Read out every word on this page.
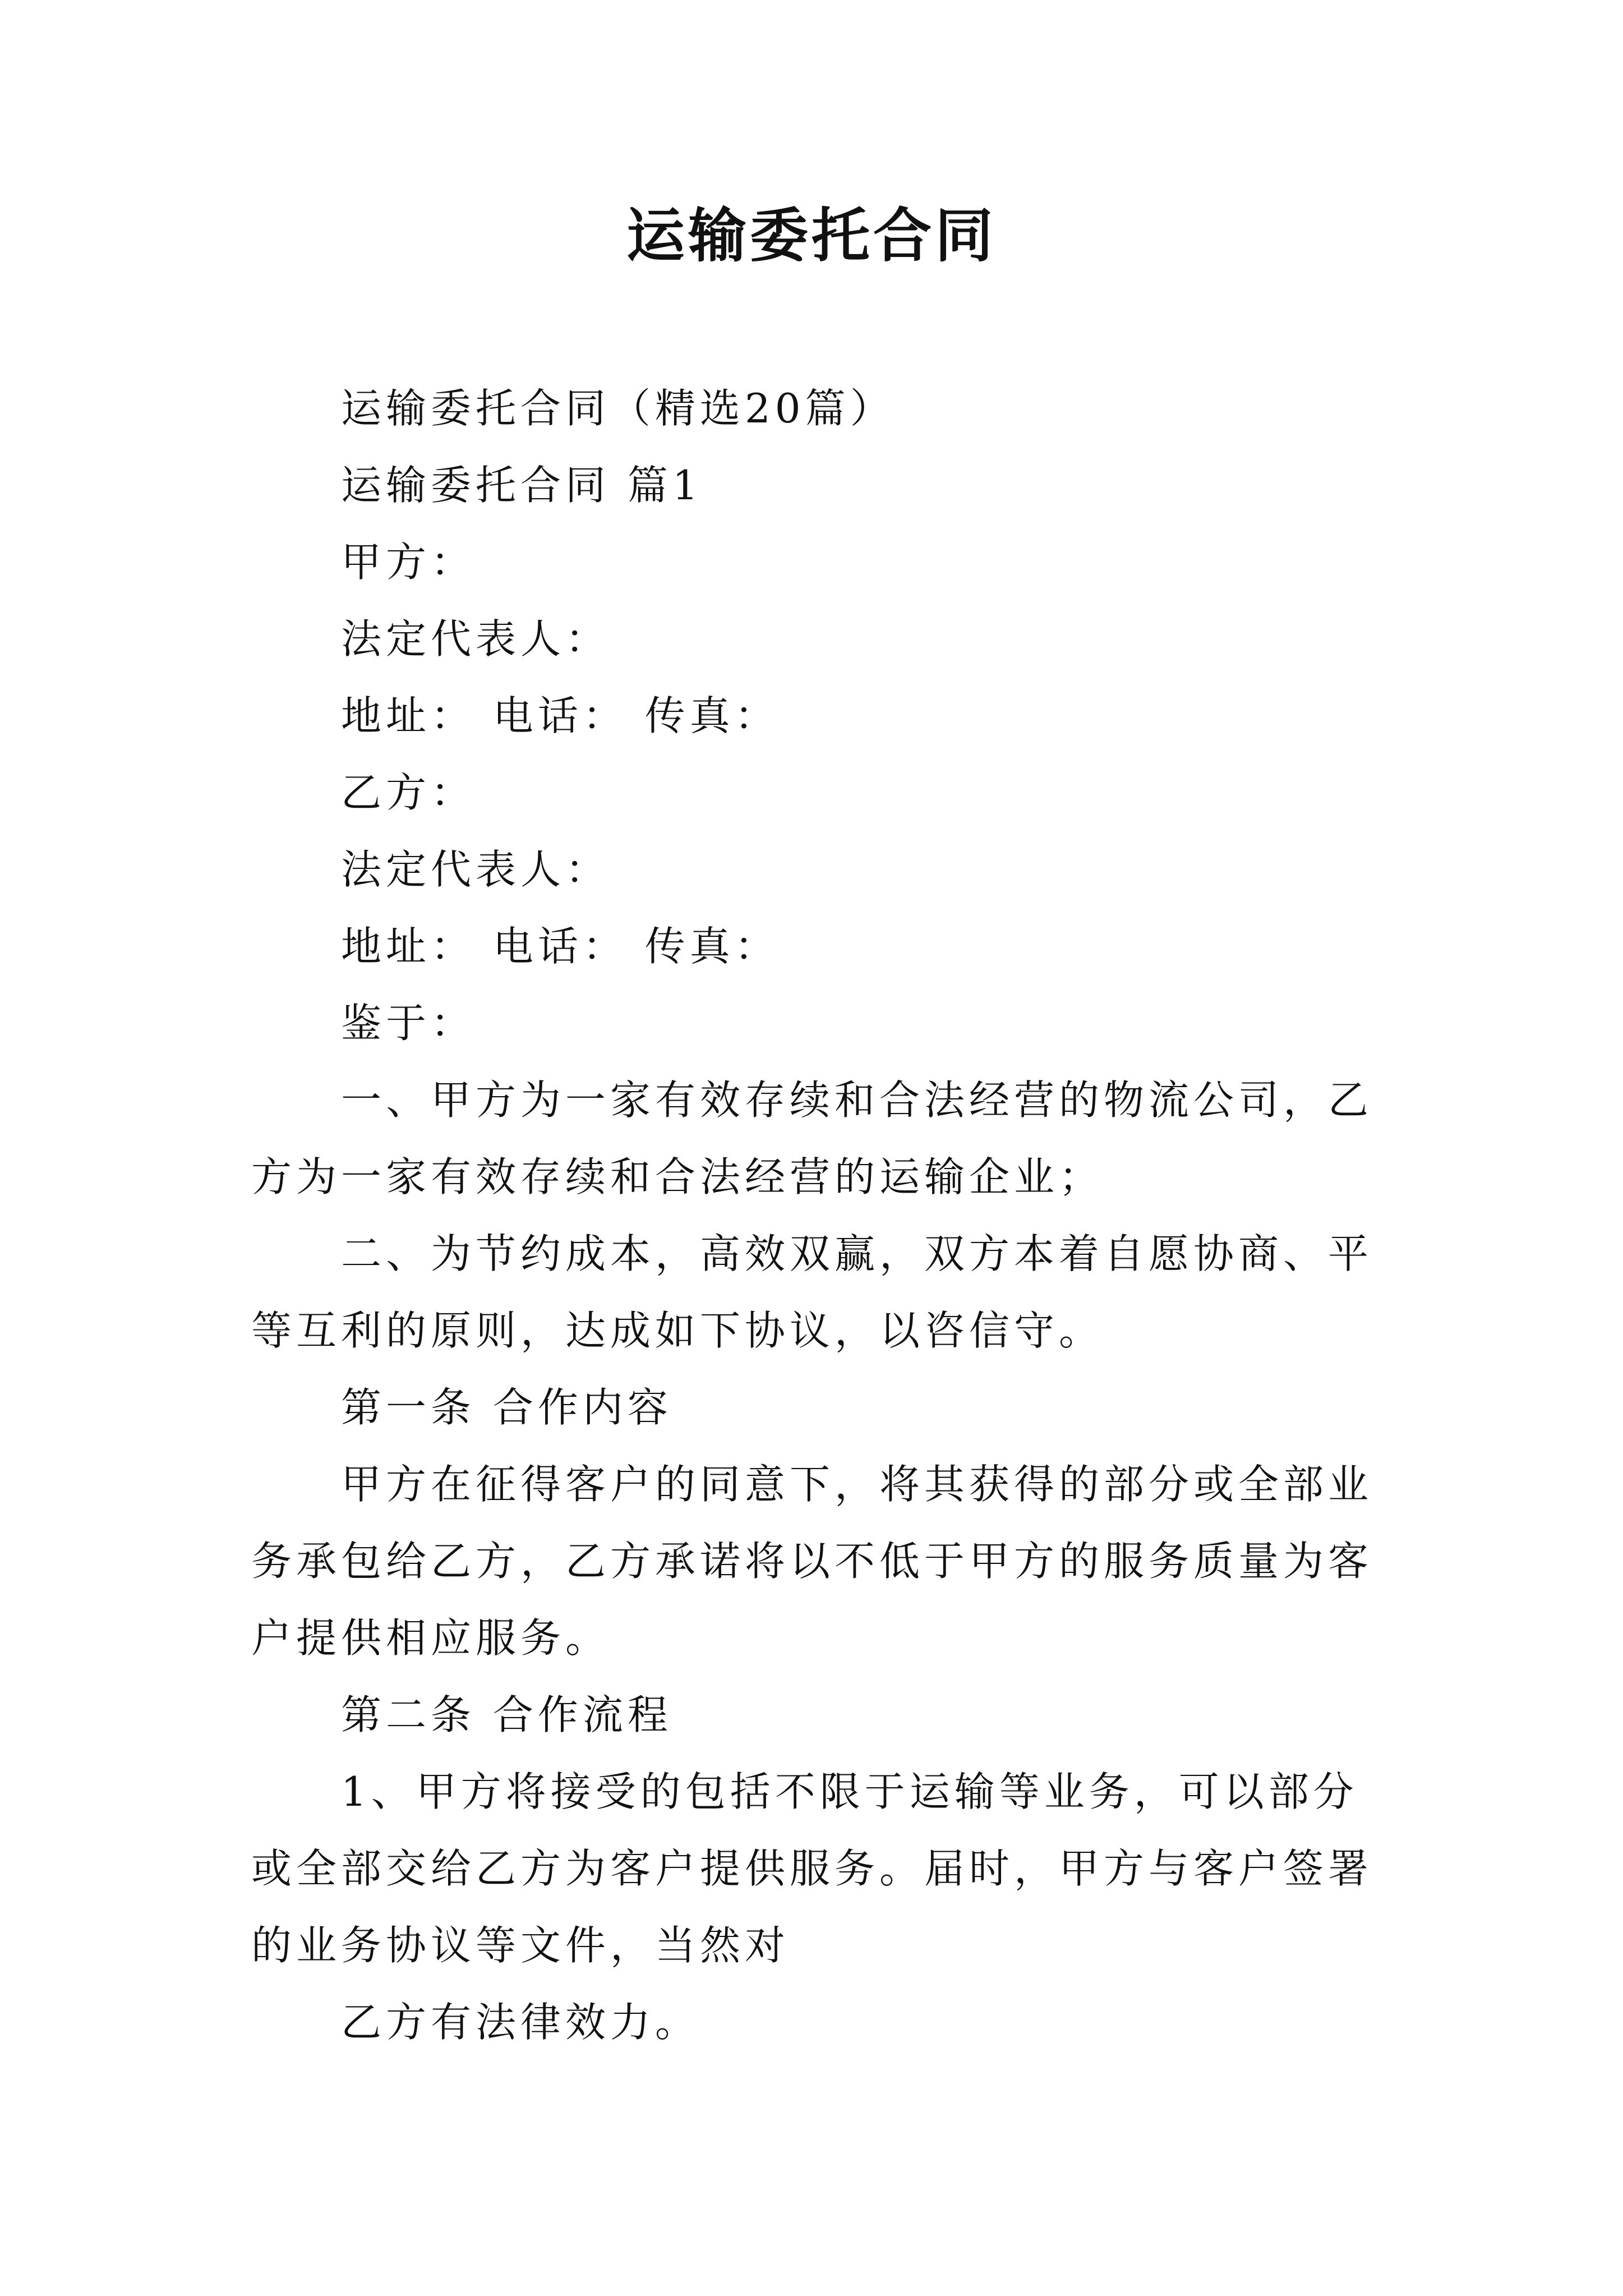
运输委托合同

运输委托合同（精选20篇）

运输委托合同 篇1

甲方：

法定代表人：

地址： 电话： 传真：

乙方：

法定代表人：

地址： 电话： 传真：

鉴于：

一、甲方为一家有效存续和合法经营的物流公司，乙方为一家有效存续和合法经营的运输企业；

二、为节约成本，高效双赢，双方本着自愿协商、平等互利的原则，达成如下协议，以咨信守。

第一条 合作内容

甲方在征得客户的同意下，将其获得的部分或全部业务承包给乙方，乙方承诺将以不低于甲方的服务质量为客户提供相应服务。

第二条 合作流程

1、甲方将接受的包括不限于运输等业务，可以部分或全部交给乙方为客户提供服务。届时，甲方与客户签署的业务协议等文件，当然对

乙方有法律效力。
